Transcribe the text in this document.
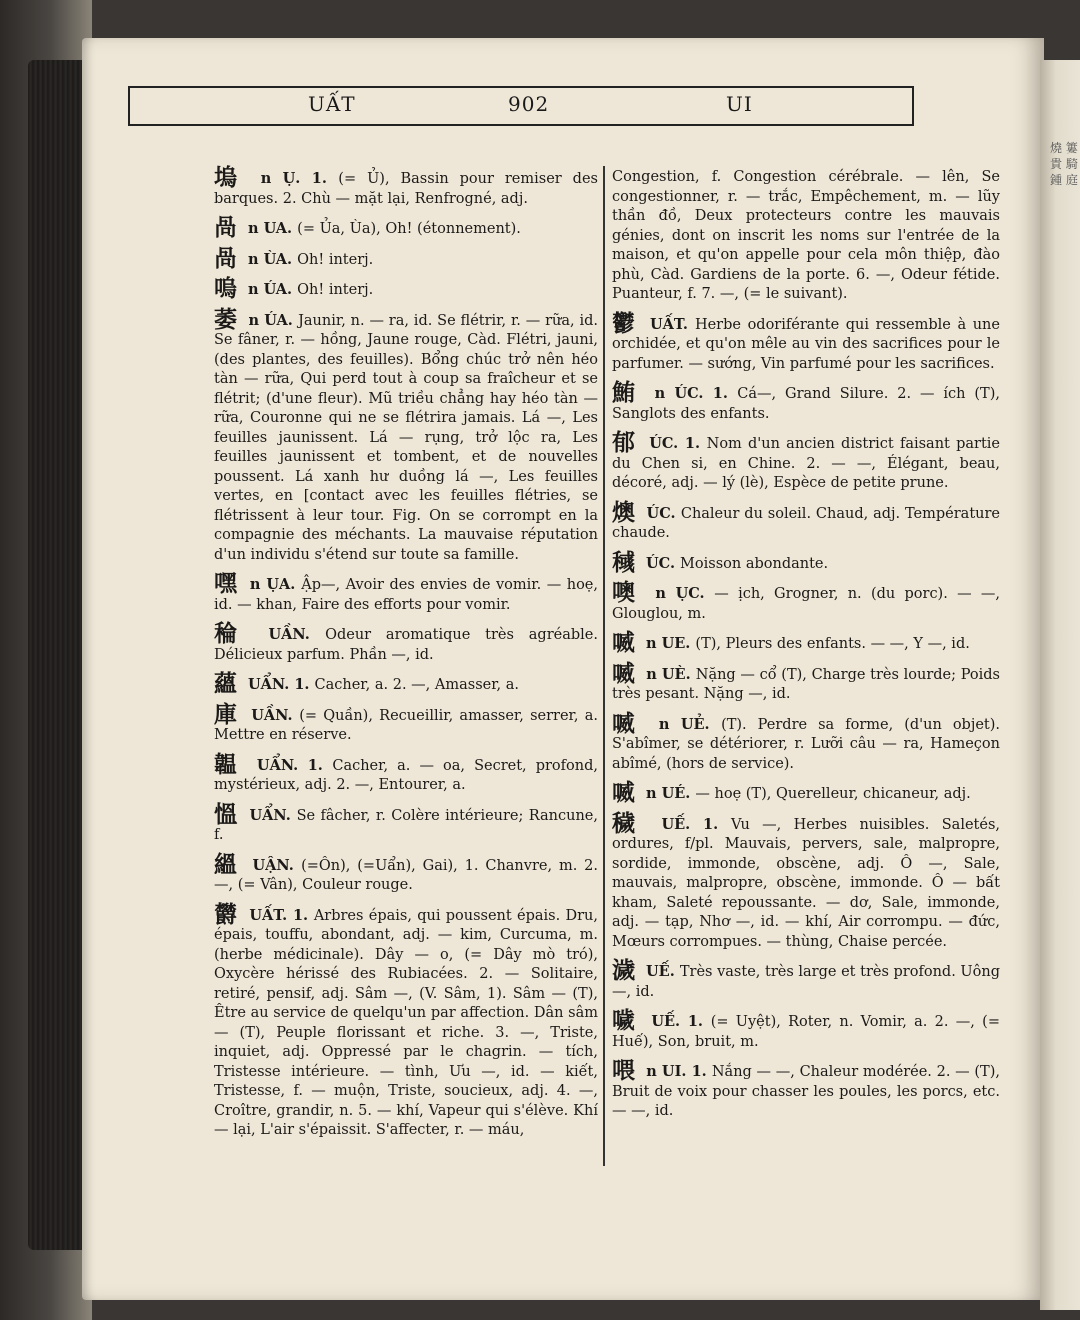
燒 簍 貴 騎 鍾 庭
UẤT	902	UI
塢 n Ụ. 1. (= Ủ), Bassin pour remiser des barques. 2. Chù — mặt lại, Renfrogné, adj.
咼 n UA. (= Ủa, Ùa), Oh! (étonnement).
咼 n ÙA. Oh! interj.
嗚 n ÚA. Oh! interj.
萎 n ÚA. Jaunir, n. — ra, id. Se flétrir, r. — rữa, id. Se fâner, r. — hồng, Jaune rouge, Càd. Flétri, jauni, (des plantes, des feuilles). Bổng chúc trở nên héo tàn — rữa, Qui perd tout à coup sa fraîcheur et se flétrit; (d'une fleur). Mũ triều chẳng hay héo tàn — rữa, Couronne qui ne se flétrira jamais. Lá —, Les feuilles jaunissent. Lá — rụng, trở lộc ra, Les feuilles jaunissent et tombent, et de nouvelles poussent. Lá xanh hư duồng lá —, Les feuilles vertes, en [contact avec les feuilles flétries, se flétrissent à leur tour. Fig. On se corrompt en la compagnie des méchants. La mauvaise réputation d'un individu s'étend sur toute sa famille.
嘿 n ỤA. Ập—, Avoir des envies de vomir. — hoẹ, id. — khan, Faire des efforts pour vomir.
稐 UẦN. Odeur aromatique très agréable. Délicieux parfum. Phần —, id.
蘊 UẨN. 1. Cacher, a. 2. —, Amasser, a.
庫 UẦN. (= Quần), Recueillir, amasser, serrer, a. Mettre en réserve.
韞 UẨN. 1. Cacher, a. — oa, Secret, profond, mystérieux, adj. 2. —, Entourer, a.
慍 UẨN. Se fâcher, r. Colère intérieure; Rancune, f.
縕 UẬN. (=Ôn), (=Uẩn), Gai), 1. Chanvre, m. 2. —, (= Vân), Couleur rouge.
欝 UẤT. 1. Arbres épais, qui poussent épais. Dru, épais, touffu, abondant, adj. — kim, Curcuma, m. (herbe médicinale). Dây — o, (= Dây mò tró), Oxycère hérissé des Rubiacées. 2. — Solitaire, retiré, pensif, adj. Sâm —, (V. Sâm, 1). Sâm — (T), Être au service de quelqu'un par affection. Dân sâm — (T), Peuple florissant et riche. 3. —, Triste, inquiet, adj. Oppressé par le chagrin. — tích, Tristesse intérieure. — tình, Ưu —, id. — kiết, Tristesse, f. — muộn, Triste, soucieux, adj. 4. —, Croître, grandir, n. 5. — khí, Vapeur qui s'élève. Khí — lại, L'air s'épaissit. S'affecter, r. — máu,
Congestion, f. Congestion cérébrale. — lên, Se congestionner, r. — trắc, Empêchement, m. — lũy thần đồ, Deux protecteurs contre les mauvais génies, dont on inscrit les noms sur l'entrée de la maison, et qu'on appelle pour cela môn thiệp, đào phù, Càd. Gardiens de la porte. 6. —, Odeur fétide. Puanteur, f. 7. —, (= le suivant).
鬱 UẤT. Herbe odoriférante qui ressemble à une orchidée, et qu'on mêle au vin des sacrifices pour le parfumer. — sướng, Vin parfumé pour les sacrifices.
鮪 n ÚC. 1. Cá—, Grand Silure. 2. — ích (T), Sanglots des enfants.
郁 ÚC. 1. Nom d'un ancien district faisant partie du Chen si, en Chine. 2. — —, Élégant, beau, décoré, adj. — lý (lè), Espèce de petite prune.
燠 ÚC. Chaleur du soleil. Chaud, adj. Température chaude.
稶 ÚC. Moisson abondante.
噢 n ỤC. — ịch, Grogner, n. (du porc). — —, Glouglou, m.
喴 n UE. (T), Pleurs des enfants. — —, Y —, id.
喴 n UÈ. Nặng — cổ (T), Charge très lourde; Poids très pesant. Nặng —, id.
喴 n UẺ. (T). Perdre sa forme, (d'un objet). S'abîmer, se détériorer, r. Lưỡi câu — ra, Hameçon abîmé, (hors de service).
喴 n UÉ. — hoẹ (T), Querelleur, chicaneur, adj.
穢 UẾ. 1. Vu —, Herbes nuisibles. Saletés, ordures, f/pl. Mauvais, pervers, sale, malpropre, sordide, immonde, obscène, adj. Ô —, Sale, mauvais, malpropre, obscène, immonde. Ô — bất kham, Saleté repoussante. — dơ, Sale, immonde, adj. — tạp, Nhơ —, id. — khí, Air corrompu. — đức, Mœurs corrompues. — thùng, Chaise percée.
濊 UẾ. Très vaste, très large et très profond. Uông —, id.
噦 UẾ. 1. (= Uyệt), Roter, n. Vomir, a. 2. —, (= Huế), Son, bruit, m.
喂 n UI. 1. Nắng — —, Chaleur modérée. 2. — (T), Bruit de voix pour chasser les poules, les porcs, etc. — —, id.
